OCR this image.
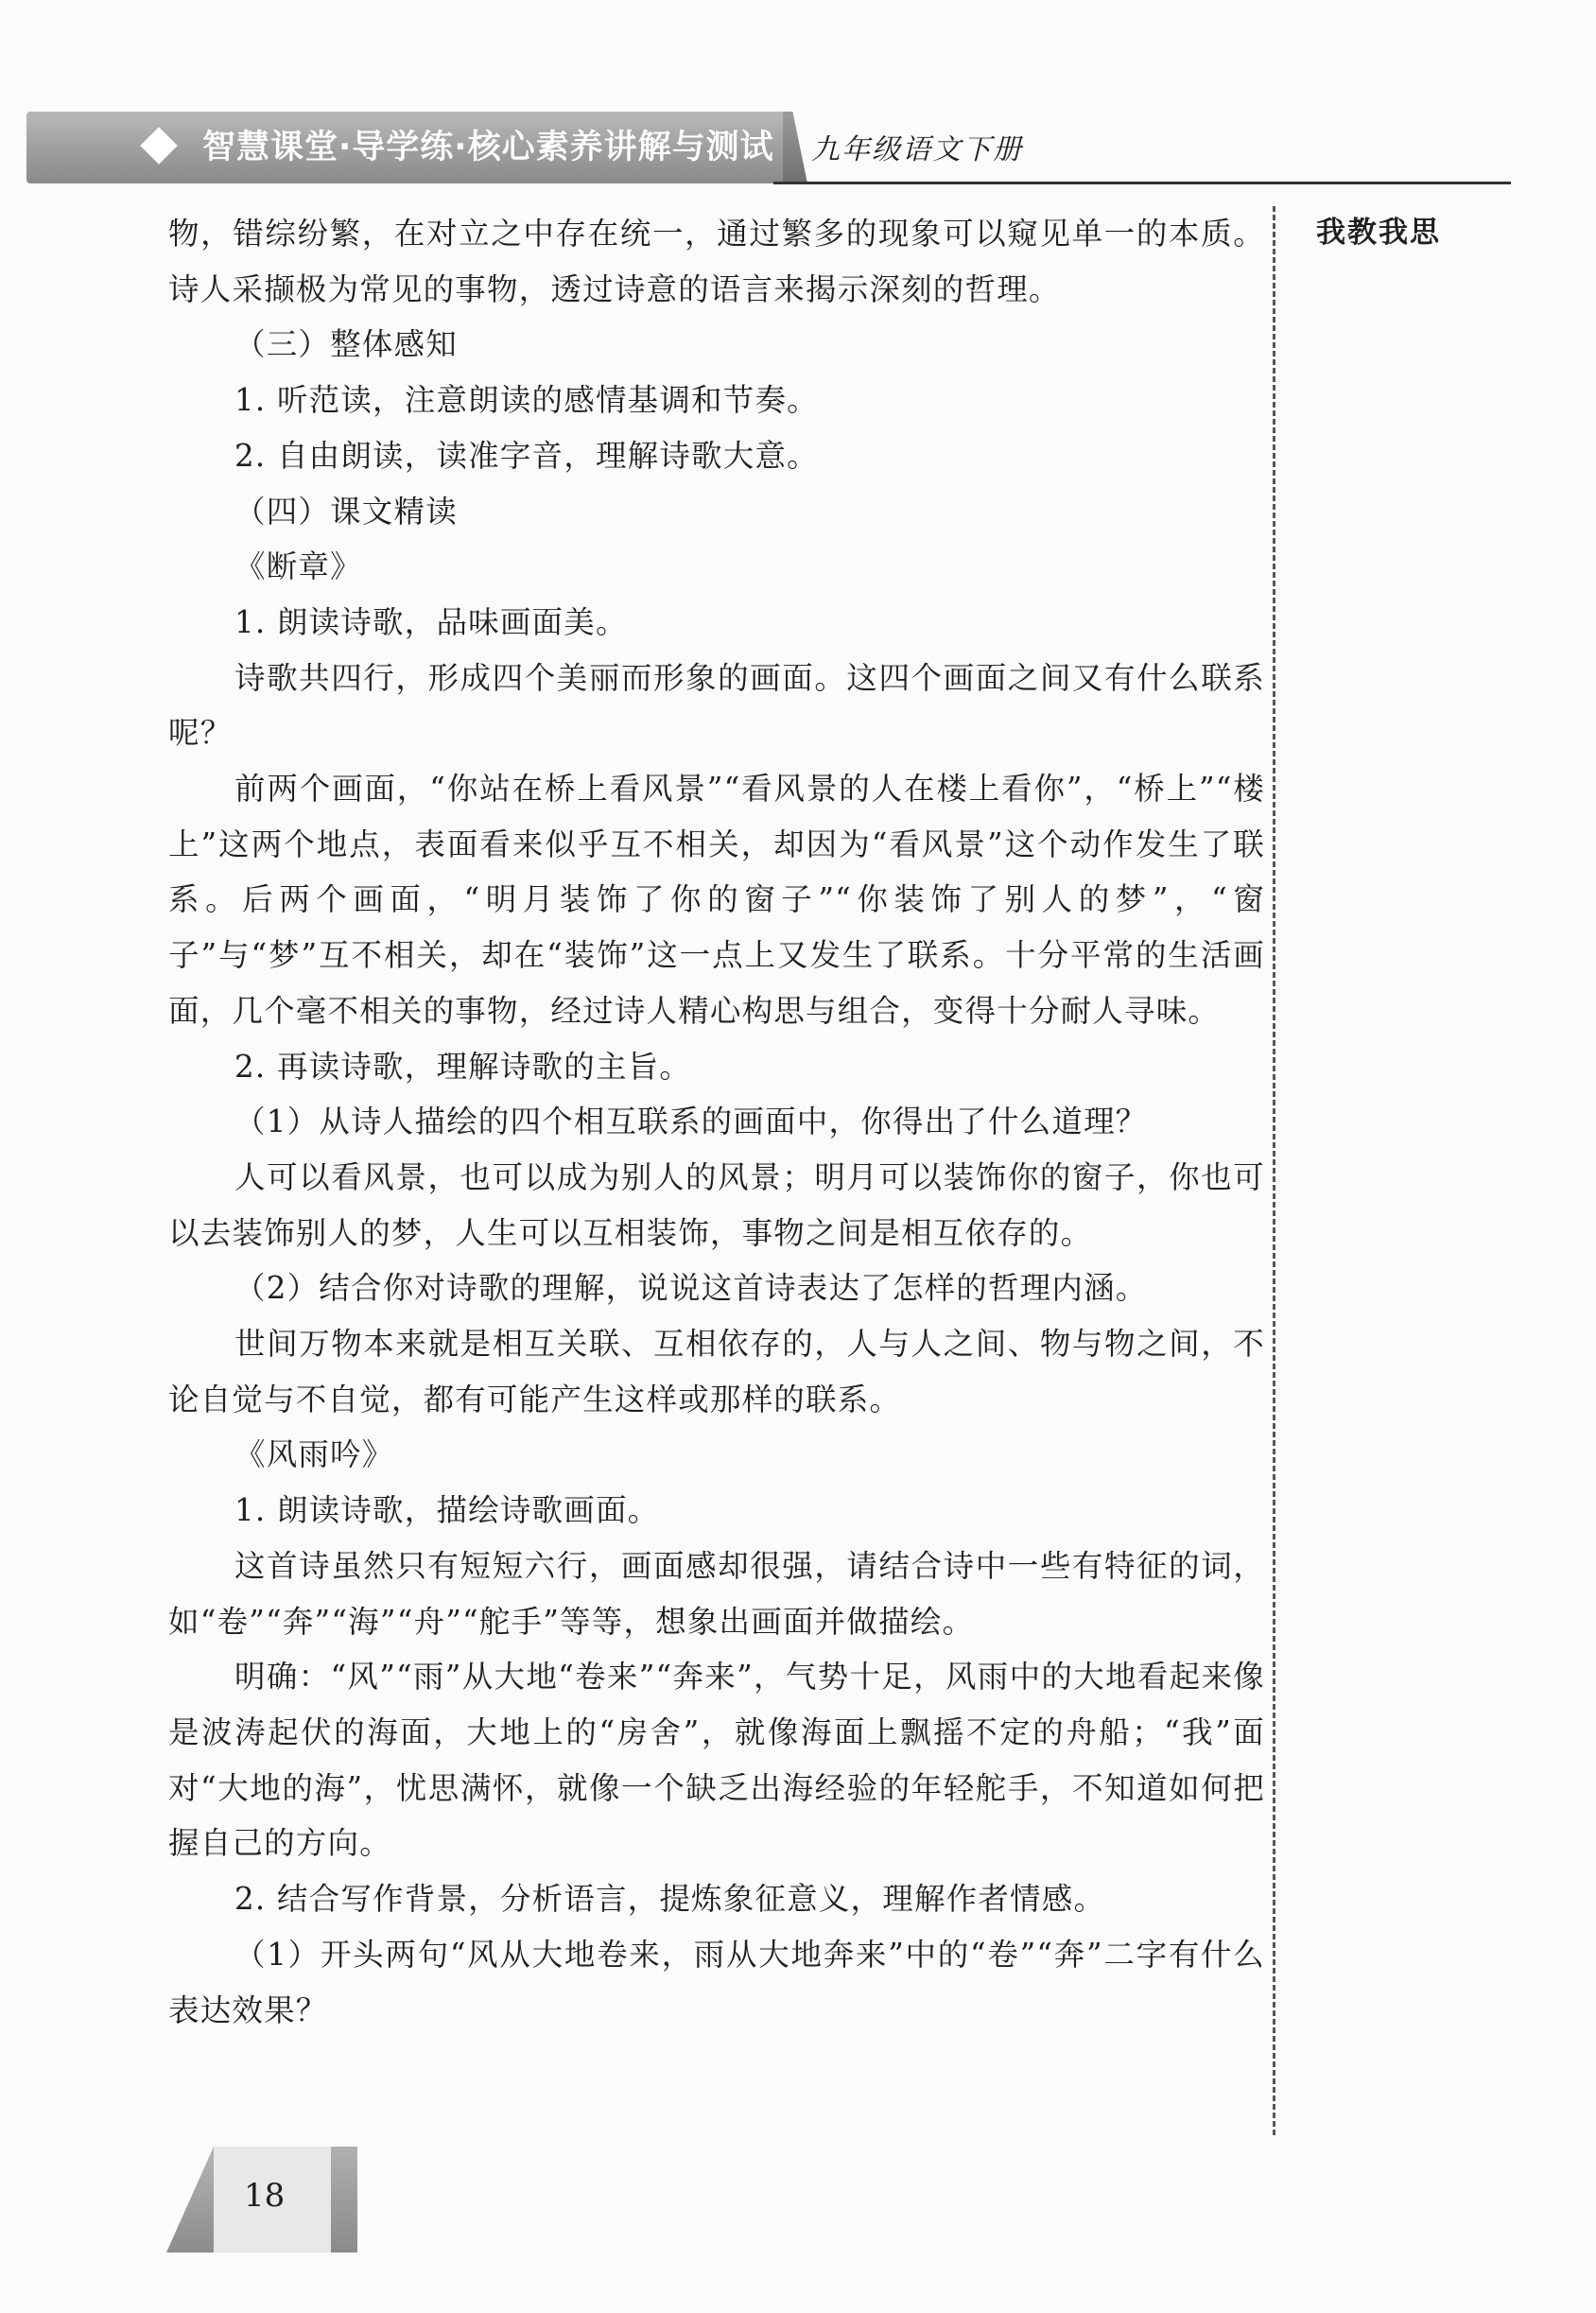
智慧课堂·导学练·核心素养讲解与测试 九年级语文下册
我教我思

物，错综纷繁，在对立之中存在统一，通过繁多的现象可以窥见单一的本质。诗人采撷极为常见的事物，透过诗意的语言来揭示深刻的哲理。

（三）整体感知

1. 听范读，注意朗读的感情基调和节奏。

2. 自由朗读，读准字音，理解诗歌大意。

（四）课文精读

《断章》

1. 朗读诗歌，品味画面美。

诗歌共四行，形成四个美丽而形象的画面。这四个画面之间又有什么联系呢？

前两个画面，“你站在桥上看风景”“看风景的人在楼上看你”，“桥上”“楼上”这两个地点，表面看来似乎互不相关，却因为“看风景”这个动作发生了联系。后两个画面，“明月装饰了你的窗子”“你装饰了别人的梦”，“窗子”与“梦”互不相关，却在“装饰”这一点上又发生了联系。十分平常的生活画面，几个毫不相关的事物，经过诗人精心构思与组合，变得十分耐人寻味。

2. 再读诗歌，理解诗歌的主旨。

（1）从诗人描绘的四个相互联系的画面中，你得出了什么道理？

人可以看风景，也可以成为别人的风景；明月可以装饰你的窗子，你也可以去装饰别人的梦，人生可以互相装饰，事物之间是相互依存的。

（2）结合你对诗歌的理解，说说这首诗表达了怎样的哲理内涵。

世间万物本来就是相互关联、互相依存的，人与人之间、物与物之间，不论自觉与不自觉，都有可能产生这样或那样的联系。

《风雨吟》

1. 朗读诗歌，描绘诗歌画面。

这首诗虽然只有短短六行，画面感却很强，请结合诗中一些有特征的词，如“卷”“奔”“海”“舟”“舵手”等等，想象出画面并做描绘。

明确：“风”“雨”从大地“卷来”“奔来”，气势十足，风雨中的大地看起来像是波涛起伏的海面，大地上的“房舍”，就像海面上飘摇不定的舟船；“我”面对“大地的海”，忧思满怀，就像一个缺乏出海经验的年轻舵手，不知道如何把握自己的方向。

2. 结合写作背景，分析语言，提炼象征意义，理解作者情感。

（1）开头两句“风从大地卷来，雨从大地奔来”中的“卷”“奔”二字有什么表达效果？

18
